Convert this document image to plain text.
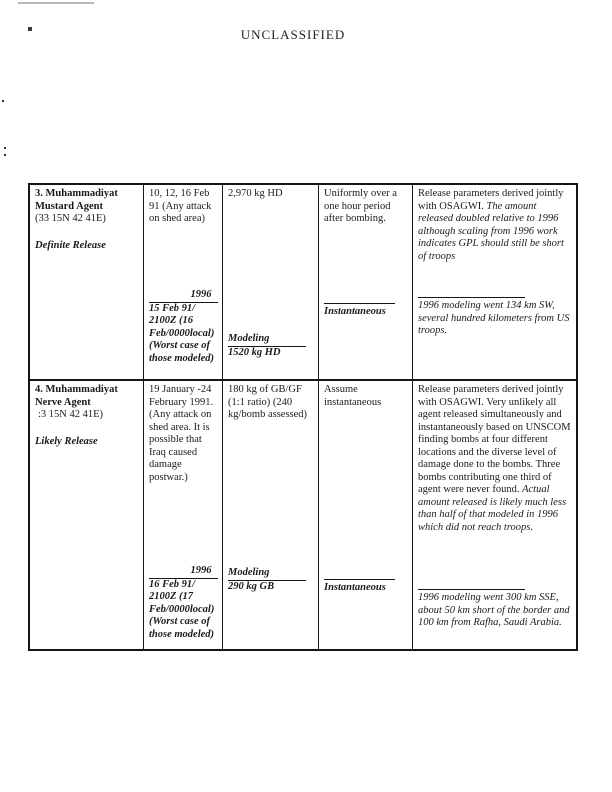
UNCLASSIFIED
3. Muhammadiyat Mustard Agent
(33 15N 42 41E)
Definite Release
10, 12, 16 Feb 91 (Any attack on shed area)
1996
15 Feb 91/ 2100Z (16 Feb/0000local) (Worst case of those modeled)
2,970 kg HD
Modeling
1520 kg HD
Uniformly over a one hour period after bombing.
Instantaneous
Release parameters derived jointly with OSAGWI. The amount released doubled relative to 1996 although scaling from 1996 work indicates GPL should still be short of troops
1996 modeling went 134 km SW, several hundred kilometers from US troops.
4. Muhammadiyat Nerve Agent
:3 15N 42 41E)
Likely Release
19 January -24 February 1991. (Any attack on shed area. It is possible that Iraq caused damage postwar.)
1996
16 Feb 91/ 2100Z (17 Feb/0000local) (Worst case of those modeled)
180 kg of GB/GF (1:1 ratio) (240 kg/bomb assessed)
Modeling
290 kg GB
Assume instantaneous
Instantaneous
Release parameters derived jointly with OSAGWI. Very unlikely all agent released simultaneously and instantaneously based on UNSCOM finding bombs at four different locations and the diverse level of damage done to the bombs. Three bombs contributing one third of agent were never found. Actual amount released is likely much less than half of that modeled in 1996 which did not reach troops.
1996 modeling went 300 km SSE, about 50 km short of the border and 100 km from Rafha, Saudi Arabia.
